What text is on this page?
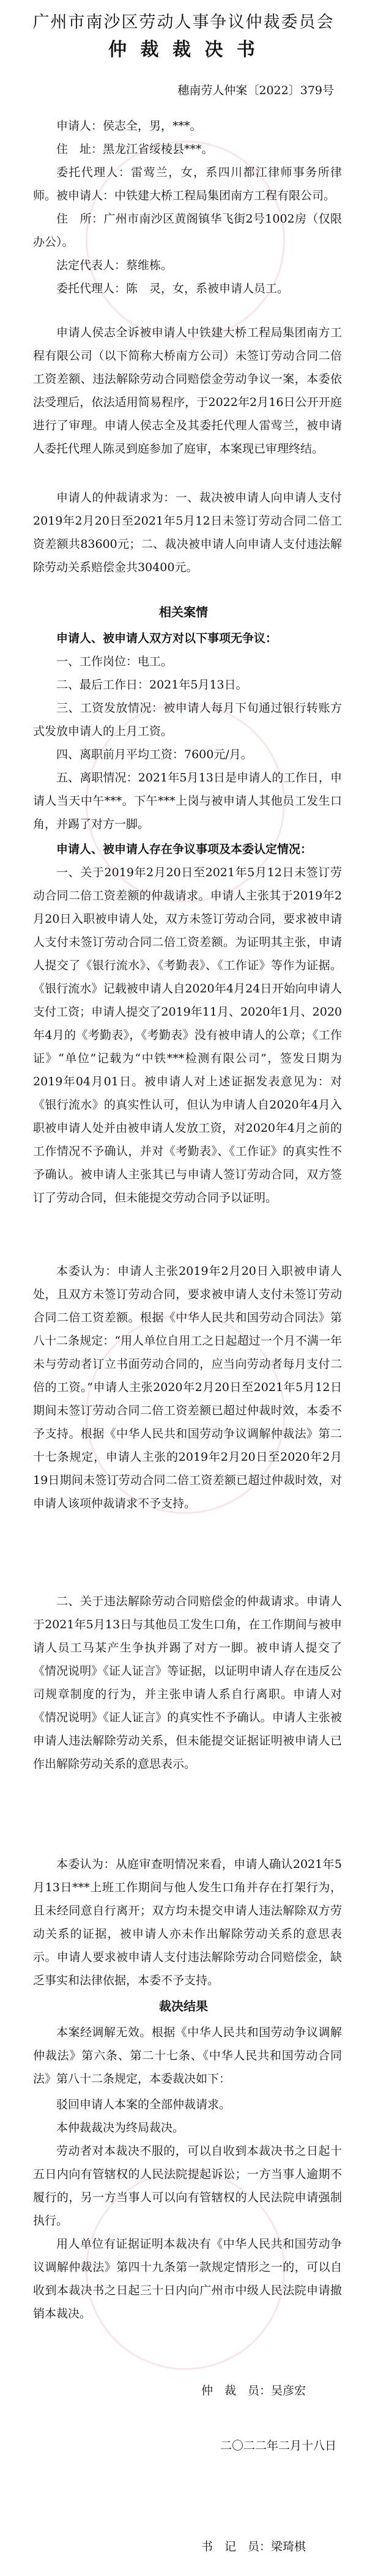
广州市南沙区劳动人事争议仲裁委员会
仲 裁 裁 决 书
穗南劳人仲案〔2022〕379号

申请人：侯志全，男，***。

住　址：黑龙江省绥棱县***。

委托代理人：雷莺兰，女，系四川都江律师事务所律师。 被申请人：中铁建大桥工程局集团南方工程有限公司。

住　所：广州市南沙区黄阁镇华飞街2号1002房（仅限办公）。

法定代表人：蔡维栋。

委托代理人：陈　灵，女，系被申请人员工。

申请人侯志全诉被申请人中铁建大桥工程局集团南方工程有限公司（以下简称大桥南方公司）未签订劳动合同二倍工资差额、违法解除劳动合同赔偿金劳动争议一案，本委依法受理后，依法适用简易程序，于2022年2月16日公开开庭进行了审理。申请人侯志全及其委托代理人雷莺兰，被申请人委托代理人陈灵到庭参加了庭审，本案现已审理终结。

申请人的仲裁请求为：一、裁决被申请人向申请人支付2019年2月20日至2021年5月12日未签订劳动合同二倍工资差额共83600元；二、裁决被申请人向申请人支付违法解除劳动关系赔偿金共30400元。

相关案情

申请人、被申请人双方对以下事项无争议：

一、工作岗位：电工。

二、最后工作日：2021年5月13日。

三、工资发放情况：被申请人每月下旬通过银行转账方式发放申请人的上月工资。

四、离职前月平均工资：7600元/月。

五、离职情况：2021年5月13日是申请人的工作日，申请人当天中午***。下午***上岗与被申请人其他员工发生口角，并踢了对方一脚。

申请人、被申请人存在争议事项及本委认定情况：

一、关于2019年2月20日至2021年5月12日未签订劳动合同二倍工资差额的仲裁请求。申请人主张其于2019年2月20日入职被申请人处，双方未签订劳动合同，要求被申请人支付未签订劳动合同二倍工资差额。为证明其主张，申请人提交了《银行流水》、《考勤表》、《工作证》等作为证据。《银行流水》记载被申请人自2020年4月24日开始向申请人支付工资；申请人提交了2019年11月、2020年1月、2020年4月的《考勤表》，《考勤表》没有被申请人的公章；《工作证》“单位”记载为“中铁***检测有限公司”，签发日期为2019年04月01日。被申请人对上述证据发表意见为：对《银行流水》的真实性认可，但认为申请人自2020年4月入职被申请人处并由被申请人发放工资，对2020年4月之前的工作情况不予确认，并对《考勤表》、《工作证》的真实性不予确认。被申请人主张其已与申请人签订劳动合同，双方签订了劳动合同，但未能提交劳动合同予以证明。

本委认为：申请人主张2019年2月20日入职被申请人处，且双方未签订劳动合同，要求被申请人支付未签订劳动合同二倍工资差额。根据《中华人民共和国劳动合同法》第八十二条规定：“用人单位自用工之日起超过一个月不满一年未与劳动者订立书面劳动合同的，应当向劳动者每月支付二倍的工资。”申请人主张2020年2月20日至2021年5月12日期间未签订劳动合同二倍工资差额已超过仲裁时效，本委不予支持。根据《中华人民共和国劳动争议调解仲裁法》第二十七条规定，申请人主张的2019年2月20日至2020年2月19日期间未签订劳动合同二倍工资差额已超过仲裁时效，对申请人该项仲裁请求不予支持。

二、关于违法解除劳动合同赔偿金的仲裁请求。申请人于2021年5月13日与其他员工发生口角，在工作期间与被申请人员工马某产生争执并踢了对方一脚。被申请人提交了《情况说明》《证人证言》等证据，以证明申请人存在违反公司规章制度的行为，并主张申请人系自行离职。申请人对《情况说明》《证人证言》的真实性不予确认。申请人主张被申请人违法解除劳动关系，但未能提交证据证明被申请人已作出解除劳动关系的意思表示。

本委认为：从庭审查明情况来看，申请人确认2021年5月13日***上班工作期间与他人发生口角并存在打架行为，且未经同意自行离开；双方均未提交申请人违法解除双方劳动关系的证据，被申请人亦未作出解除劳动关系的意思表示。申请人要求被申请人支付违法解除劳动合同赔偿金，缺乏事实和法律依据，本委不予支持。

裁决结果

本案经调解无效。根据《中华人民共和国劳动争议调解仲裁法》第六条、第二十七条、《中华人民共和国劳动合同法》第八十二条规定，本委裁决如下：

驳回申请人本案的全部仲裁请求。

本仲裁裁决为终局裁决。

劳动者对本裁决不服的，可以自收到本裁决书之日起十五日内向有管辖权的人民法院提起诉讼；一方当事人逾期不履行的，另一方当事人可以向有管辖权的人民法院申请强制执行。

用人单位有证据证明本裁决有《中华人民共和国劳动争议调解仲裁法》第四十九条第一款规定情形之一的，可以自收到本裁决书之日起三十日内向广州市中级人民法院申请撤销本裁决。

仲　裁　员：吴彦宏
二〇二二年二月十八日
书　记　员：梁琦棋
